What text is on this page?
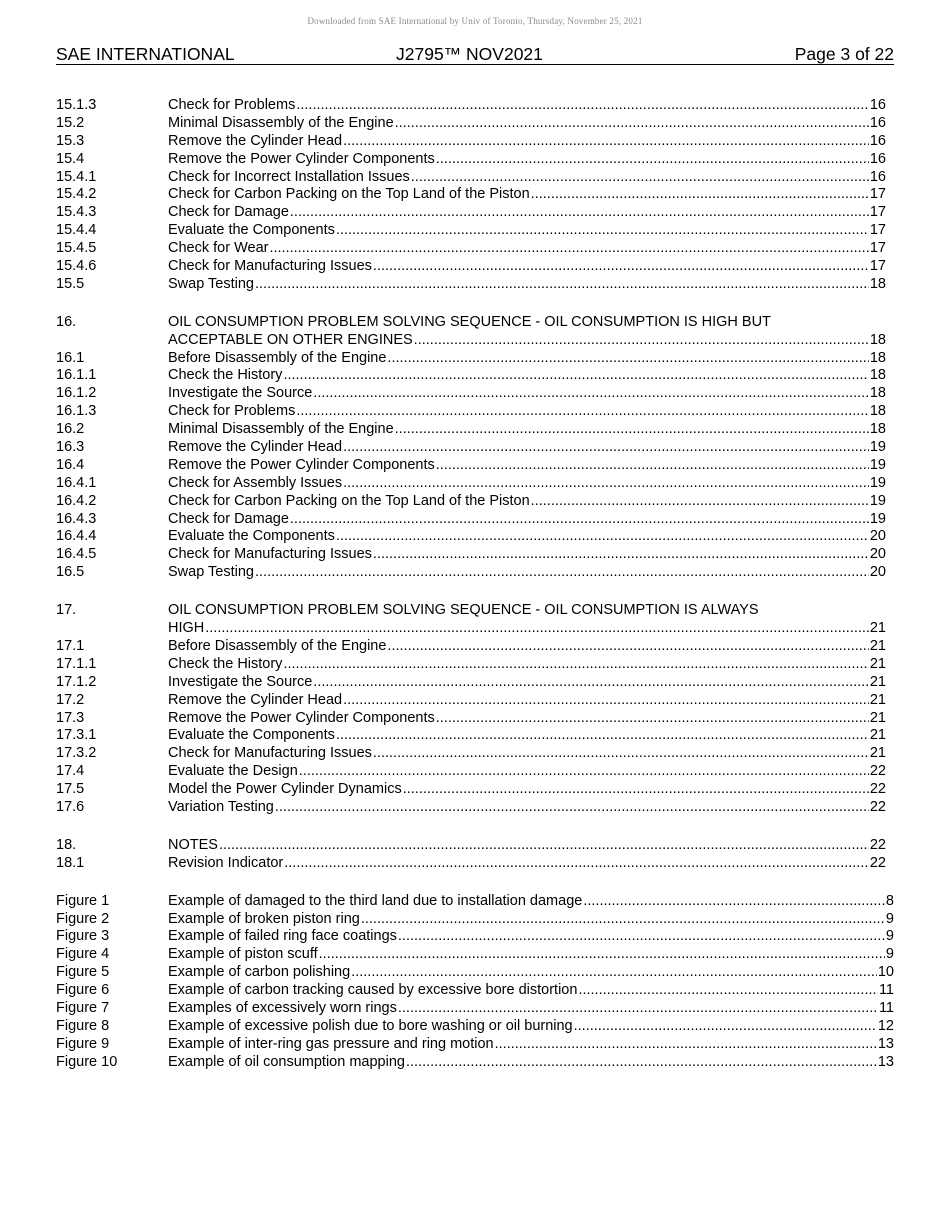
Downloaded from SAE International by Univ of Toronto, Thursday, November 25, 2021
SAE INTERNATIONAL	J2795™ NOV2021	Page 3 of 22
15.1.3	Check for Problems .....	16
15.2	Minimal Disassembly of the Engine .....	16
15.3	Remove the Cylinder Head .....	16
15.4	Remove the Power Cylinder Components .....	16
15.4.1	Check for Incorrect Installation Issues .....	16
15.4.2	Check for Carbon Packing on the Top Land of the Piston .....	17
15.4.3	Check for Damage .....	17
15.4.4	Evaluate the Components .....	17
15.4.5	Check for Wear .....	17
15.4.6	Check for Manufacturing Issues .....	17
15.5	Swap Testing .....	18
16.	OIL CONSUMPTION PROBLEM SOLVING SEQUENCE - OIL CONSUMPTION IS HIGH BUT
ACCEPTABLE ON OTHER ENGINES .....	18
16.1	Before Disassembly of the Engine .....	18
16.1.1	Check the History .....	18
16.1.2	Investigate the Source .....	18
16.1.3	Check for Problems .....	18
16.2	Minimal Disassembly of the Engine .....	18
16.3	Remove the Cylinder Head .....	19
16.4	Remove the Power Cylinder Components .....	19
16.4.1	Check for Assembly Issues .....	19
16.4.2	Check for Carbon Packing on the Top Land of the Piston .....	19
16.4.3	Check for Damage .....	19
16.4.4	Evaluate the Components .....	20
16.4.5	Check for Manufacturing Issues .....	20
16.5	Swap Testing .....	20
17.	OIL CONSUMPTION PROBLEM SOLVING SEQUENCE - OIL CONSUMPTION IS ALWAYS
HIGH .....	21
17.1	Before Disassembly of the Engine .....	21
17.1.1	Check the History .....	21
17.1.2	Investigate the Source .....	21
17.2	Remove the Cylinder Head .....	21
17.3	Remove the Power Cylinder Components .....	21
17.3.1	Evaluate the Components .....	21
17.3.2	Check for Manufacturing Issues .....	21
17.4	Evaluate the Design .....	22
17.5	Model the Power Cylinder Dynamics .....	22
17.6	Variation Testing .....	22
18.	NOTES .....	22
18.1	Revision Indicator .....	22
Figure 1	Example of damaged to the third land due to installation damage .....	8
Figure 2	Example of broken piston ring .....	9
Figure 3	Example of failed ring face coatings .....	9
Figure 4	Example of piston scuff .....	9
Figure 5	Example of carbon polishing .....	10
Figure 6	Example of carbon tracking caused by excessive bore distortion .....	11
Figure 7	Examples of excessively worn rings .....	11
Figure 8	Example of excessive polish due to bore washing or oil burning .....	12
Figure 9	Example of inter-ring gas pressure and ring motion .....	13
Figure 10	Example of oil consumption mapping .....	13
